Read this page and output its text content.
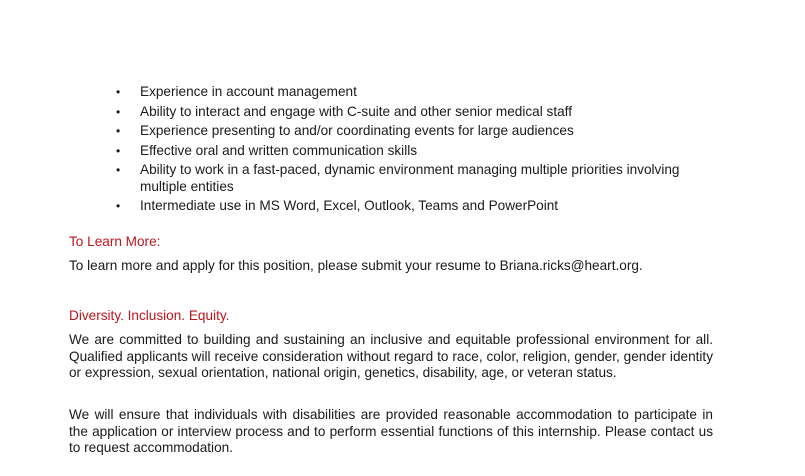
• Experience in account management
• Ability to interact and engage with C-suite and other senior medical staff
• Experience presenting to and/or coordinating events for large audiences
• Effective oral and written communication skills
• Ability to work in a fast-paced, dynamic environment managing multiple priorities involving multiple entities
• Intermediate use in MS Word, Excel, Outlook, Teams and PowerPoint
To Learn More:

To learn more and apply for this position, please submit your resume to Briana.ricks@heart.org.

Diversity. Inclusion. Equity.

We are committed to building and sustaining an inclusive and equitable professional environment for all. Qualified applicants will receive consideration without regard to race, color, religion, gender, gender identity or expression, sexual orientation, national origin, genetics, disability, age, or veteran status.

We will ensure that individuals with disabilities are provided reasonable accommodation to participate in the application or interview process and to perform essential functions of this internship. Please contact us to request accommodation.
